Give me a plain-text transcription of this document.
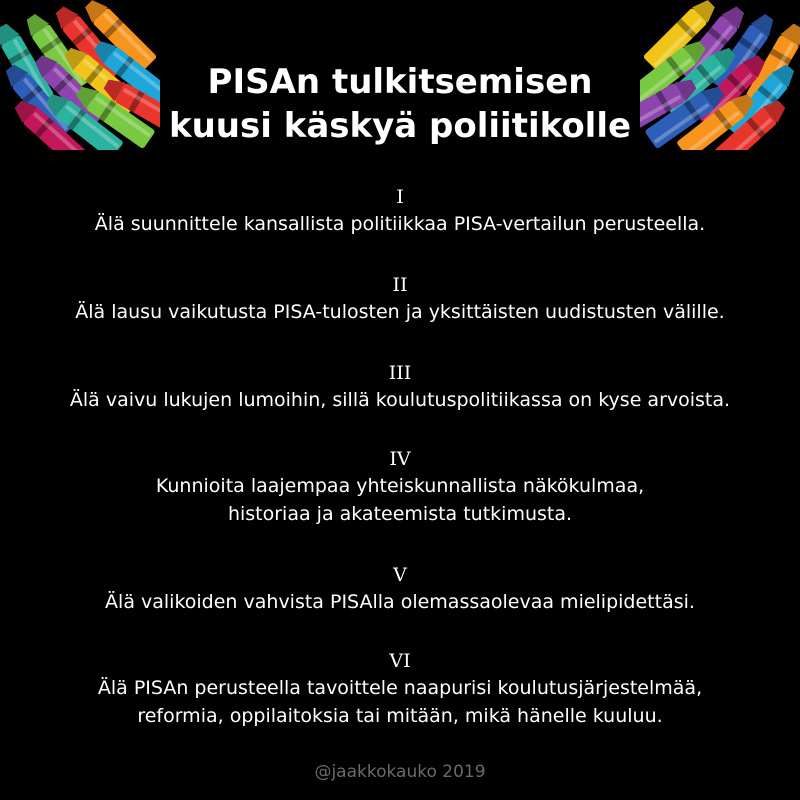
PISAn tulkitsemisen
kuusi käskyä poliitikolle
I
Älä suunnittele kansallista politiikkaa PISA-vertailun perusteella.
II
Älä lausu vaikutusta PISA-tulosten ja yksittäisten uudistusten välille.
III
Älä vaivu lukujen lumoihin, sillä koulutuspolitiikassa on kyse arvoista.
IV
Kunnioita laajempaa yhteiskunnallista näkökulmaa,
historiaa ja akateemista tutkimusta.
V
Älä valikoiden vahvista PISAlla olemassaolevaa mielipidettäsi.
VI
Älä PISAn perusteella tavoittele naapurisi koulutusjärjestelmää,
reformia, oppilaitoksia tai mitään, mikä hänelle kuuluu.
@jaakkokauko 2019
